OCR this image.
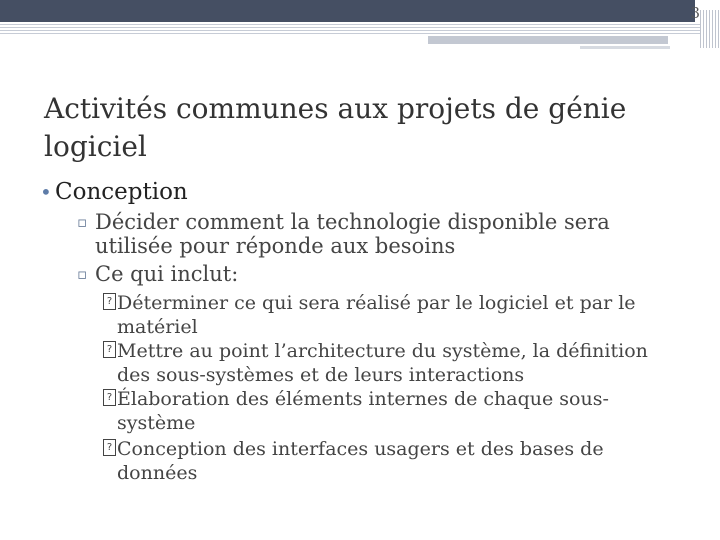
3
Activités communes aux projets de génie logiciel
• Conception
▫ Décider comment la technologie disponible sera utilisée pour réponde aux besoins
▫ Ce qui inclut:
? Déterminer ce qui sera réalisé par le logiciel et par le matériel
? Mettre au point l’architecture du système, la définition des sous-systèmes et de leurs interactions
? Élaboration des éléments internes de chaque sous-système
? Conception des interfaces usagers et des bases de données
